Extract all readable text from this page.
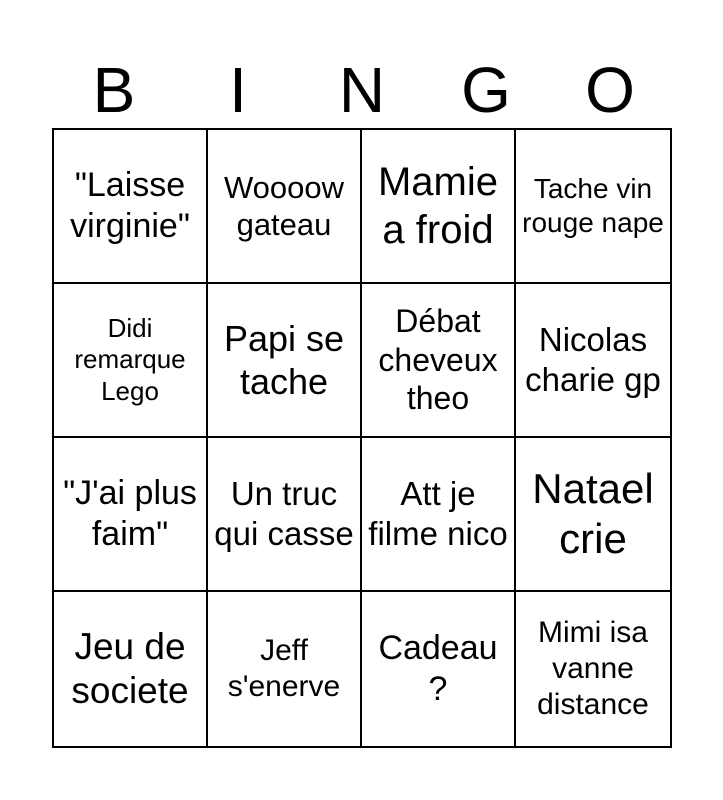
B	I	N	G	O
"Laisse virginie"
Woooow gateau
Mamie a froid
Tache vin rouge nape
Didi remarque Lego
Papi se tache
Débat cheveux theo
Nicolas charie gp
"J'ai plus faim"
Un truc qui casse
Att je filme nico
Natael crie
Jeu de societe
Jeff s'enerve
Cadeau ?
Mimi isa vanne distance
